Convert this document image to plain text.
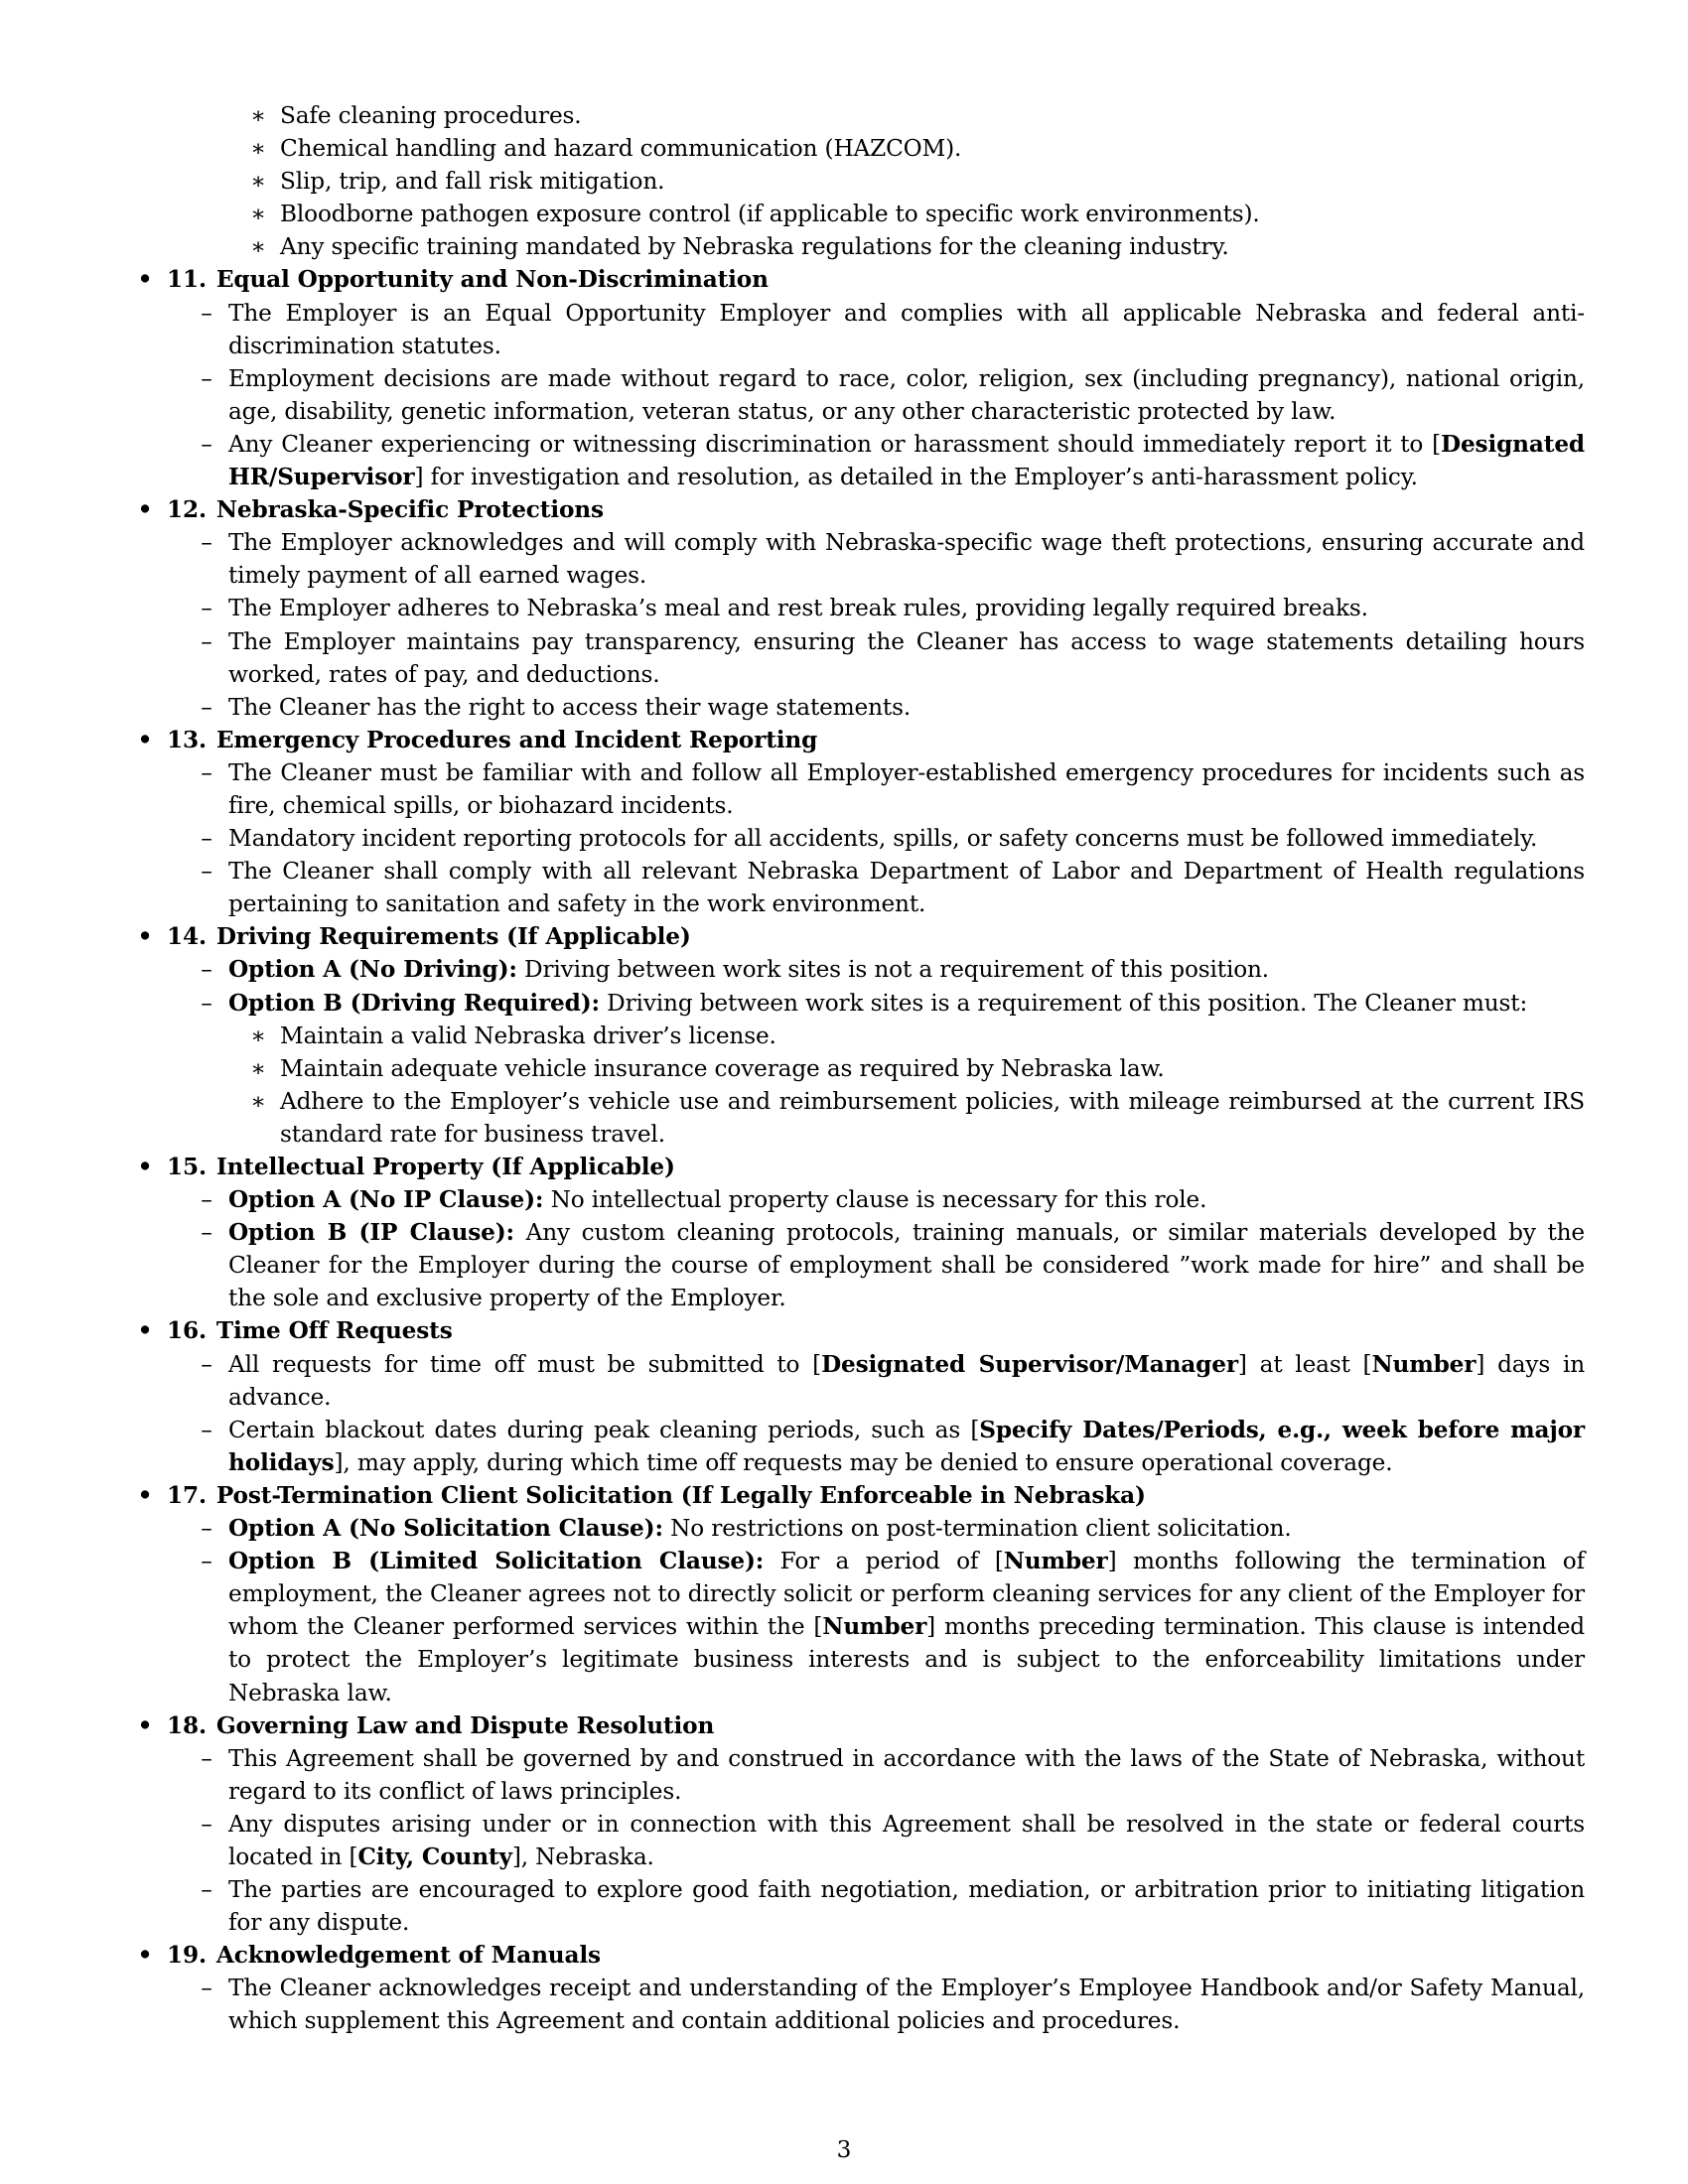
∗ Safe cleaning procedures.
∗ Chemical handling and hazard communication (HAZCOM).
∗ Slip, trip, and fall risk mitigation.
∗ Bloodborne pathogen exposure control (if applicable to specific work environments).
∗ Any specific training mandated by Nebraska regulations for the cleaning industry.
• 11. Equal Opportunity and Non-Discrimination
– The Employer is an Equal Opportunity Employer and complies with all applicable Nebraska and federal anti-discrimination statutes.
– Employment decisions are made without regard to race, color, religion, sex (including pregnancy), national origin, age, disability, genetic information, veteran status, or any other characteristic protected by law.
– Any Cleaner experiencing or witnessing discrimination or harassment should immediately report it to [Designated HR/Supervisor] for investigation and resolution, as detailed in the Employer’s anti-harassment policy.
• 12. Nebraska-Specific Protections
– The Employer acknowledges and will comply with Nebraska-specific wage theft protections, ensuring accurate and timely payment of all earned wages.
– The Employer adheres to Nebraska’s meal and rest break rules, providing legally required breaks.
– The Employer maintains pay transparency, ensuring the Cleaner has access to wage statements detailing hours worked, rates of pay, and deductions.
– The Cleaner has the right to access their wage statements.
• 13. Emergency Procedures and Incident Reporting
– The Cleaner must be familiar with and follow all Employer-established emergency procedures for incidents such as fire, chemical spills, or biohazard incidents.
– Mandatory incident reporting protocols for all accidents, spills, or safety concerns must be followed immediately.
– The Cleaner shall comply with all relevant Nebraska Department of Labor and Department of Health regulations pertaining to sanitation and safety in the work environment.
• 14. Driving Requirements (If Applicable)
– Option A (No Driving): Driving between work sites is not a requirement of this position.
– Option B (Driving Required): Driving between work sites is a requirement of this position. The Cleaner must:
∗ Maintain a valid Nebraska driver’s license.
∗ Maintain adequate vehicle insurance coverage as required by Nebraska law.
∗ Adhere to the Employer’s vehicle use and reimbursement policies, with mileage reimbursed at the current IRS standard rate for business travel.
• 15. Intellectual Property (If Applicable)
– Option A (No IP Clause): No intellectual property clause is necessary for this role.
– Option B (IP Clause): Any custom cleaning protocols, training manuals, or similar materials developed by the Cleaner for the Employer during the course of employment shall be considered ”work made for hire” and shall be the sole and exclusive property of the Employer.
• 16. Time Off Requests
– All requests for time off must be submitted to [Designated Supervisor/Manager] at least [Number] days in advance.
– Certain blackout dates during peak cleaning periods, such as [Specify Dates/Periods, e.g., week before major holidays], may apply, during which time off requests may be denied to ensure operational coverage.
• 17. Post-Termination Client Solicitation (If Legally Enforceable in Nebraska)
– Option A (No Solicitation Clause): No restrictions on post-termination client solicitation.
– Option B (Limited Solicitation Clause): For a period of [Number] months following the termination of employment, the Cleaner agrees not to directly solicit or perform cleaning services for any client of the Employer for whom the Cleaner performed services within the [Number] months preceding termination. This clause is intended to protect the Employer’s legitimate business interests and is subject to the enforceability limitations under Nebraska law.
• 18. Governing Law and Dispute Resolution
– This Agreement shall be governed by and construed in accordance with the laws of the State of Nebraska, without regard to its conflict of laws principles.
– Any disputes arising under or in connection with this Agreement shall be resolved in the state or federal courts located in [City, County], Nebraska.
– The parties are encouraged to explore good faith negotiation, mediation, or arbitration prior to initiating litigation for any dispute.
• 19. Acknowledgement of Manuals
– The Cleaner acknowledges receipt and understanding of the Employer’s Employee Handbook and/or Safety Manual, which supplement this Agreement and contain additional policies and procedures.
3
